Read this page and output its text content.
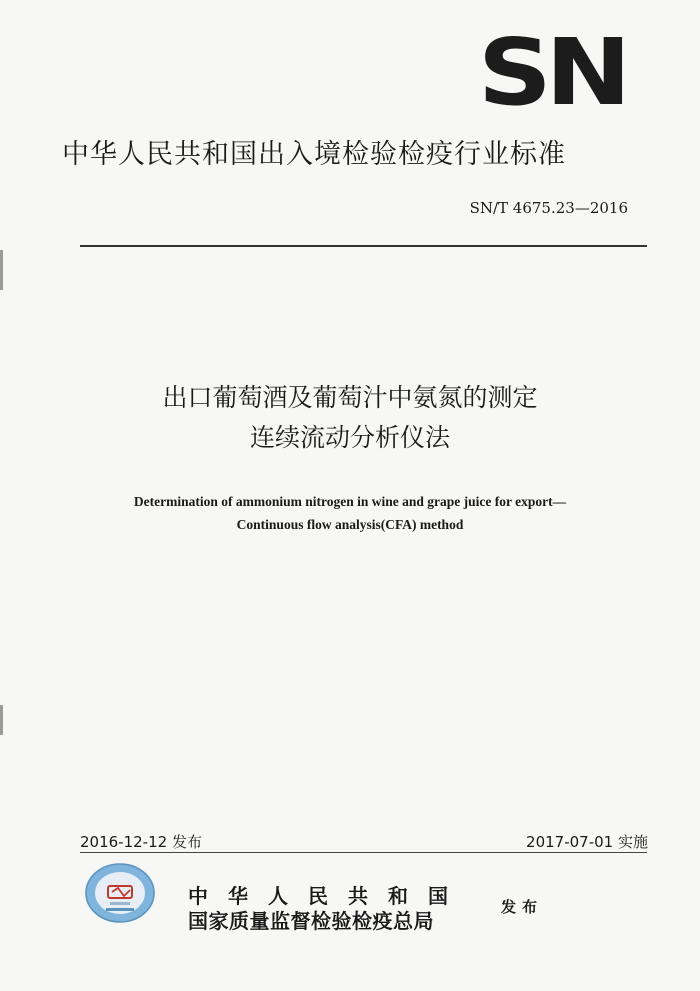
SN
中华人民共和国出入境检验检疫行业标准
SN/T 4675.23—2016
出口葡萄酒及葡萄汁中氨氮的测定
连续流动分析仪法
Determination of ammonium nitrogen in wine and grape juice for export—
Continuous flow analysis(CFA) method
2016-12-12 发布	2017-07-01 实施
中华人民共和国
国家质量监督检验检疫总局
发布
